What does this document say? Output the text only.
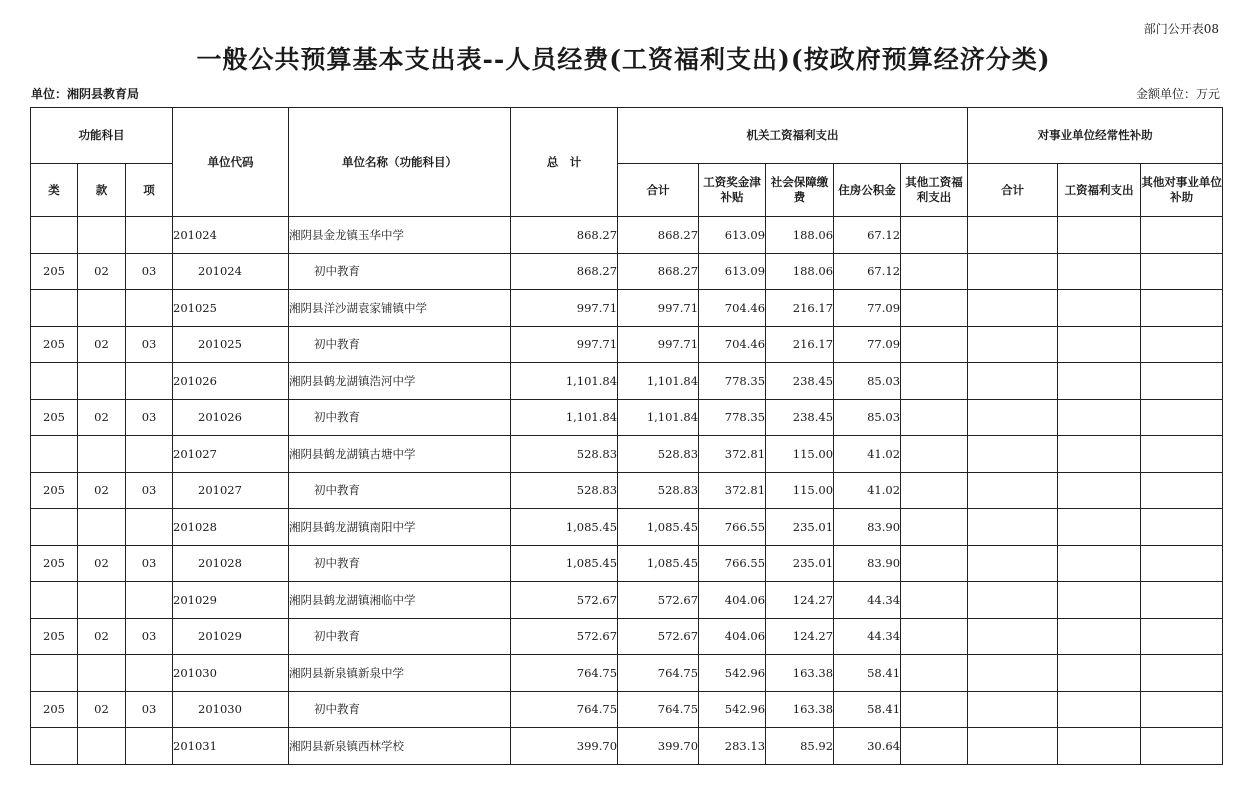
部门公开表08
一般公共预算基本支出表--人员经费(工资福利支出)(按政府预算经济分类)
单位：湘阴县教育局	金额单位：万元
功能科目			单位代码	单位名称（功能科目）	总　计	机关工资福利支出					对事业单位经常性补助		
类	款	项				合计	工资奖金津补贴	社会保障缴费	住房公积金	其他工资福利支出	合计	工资福利支出	其他对事业单位补助
			201024	湘阴县金龙镇玉华中学	868.27	868.27	613.09	188.06	67.12				
205	02	03	201024	初中教育	868.27	868.27	613.09	188.06	67.12				
			201025	湘阴县洋沙湖袁家铺镇中学	997.71	997.71	704.46	216.17	77.09				
205	02	03	201025	初中教育	997.71	997.71	704.46	216.17	77.09				
			201026	湘阴县鹤龙湖镇浩河中学	1,101.84	1,101.84	778.35	238.45	85.03				
205	02	03	201026	初中教育	1,101.84	1,101.84	778.35	238.45	85.03				
			201027	湘阴县鹤龙湖镇古塘中学	528.83	528.83	372.81	115.00	41.02				
205	02	03	201027	初中教育	528.83	528.83	372.81	115.00	41.02				
			201028	湘阴县鹤龙湖镇南阳中学	1,085.45	1,085.45	766.55	235.01	83.90				
205	02	03	201028	初中教育	1,085.45	1,085.45	766.55	235.01	83.90				
			201029	湘阴县鹤龙湖镇湘临中学	572.67	572.67	404.06	124.27	44.34				
205	02	03	201029	初中教育	572.67	572.67	404.06	124.27	44.34				
			201030	湘阴县新泉镇新泉中学	764.75	764.75	542.96	163.38	58.41				
205	02	03	201030	初中教育	764.75	764.75	542.96	163.38	58.41				
			201031	湘阴县新泉镇西林学校	399.70	399.70	283.13	85.92	30.64				
